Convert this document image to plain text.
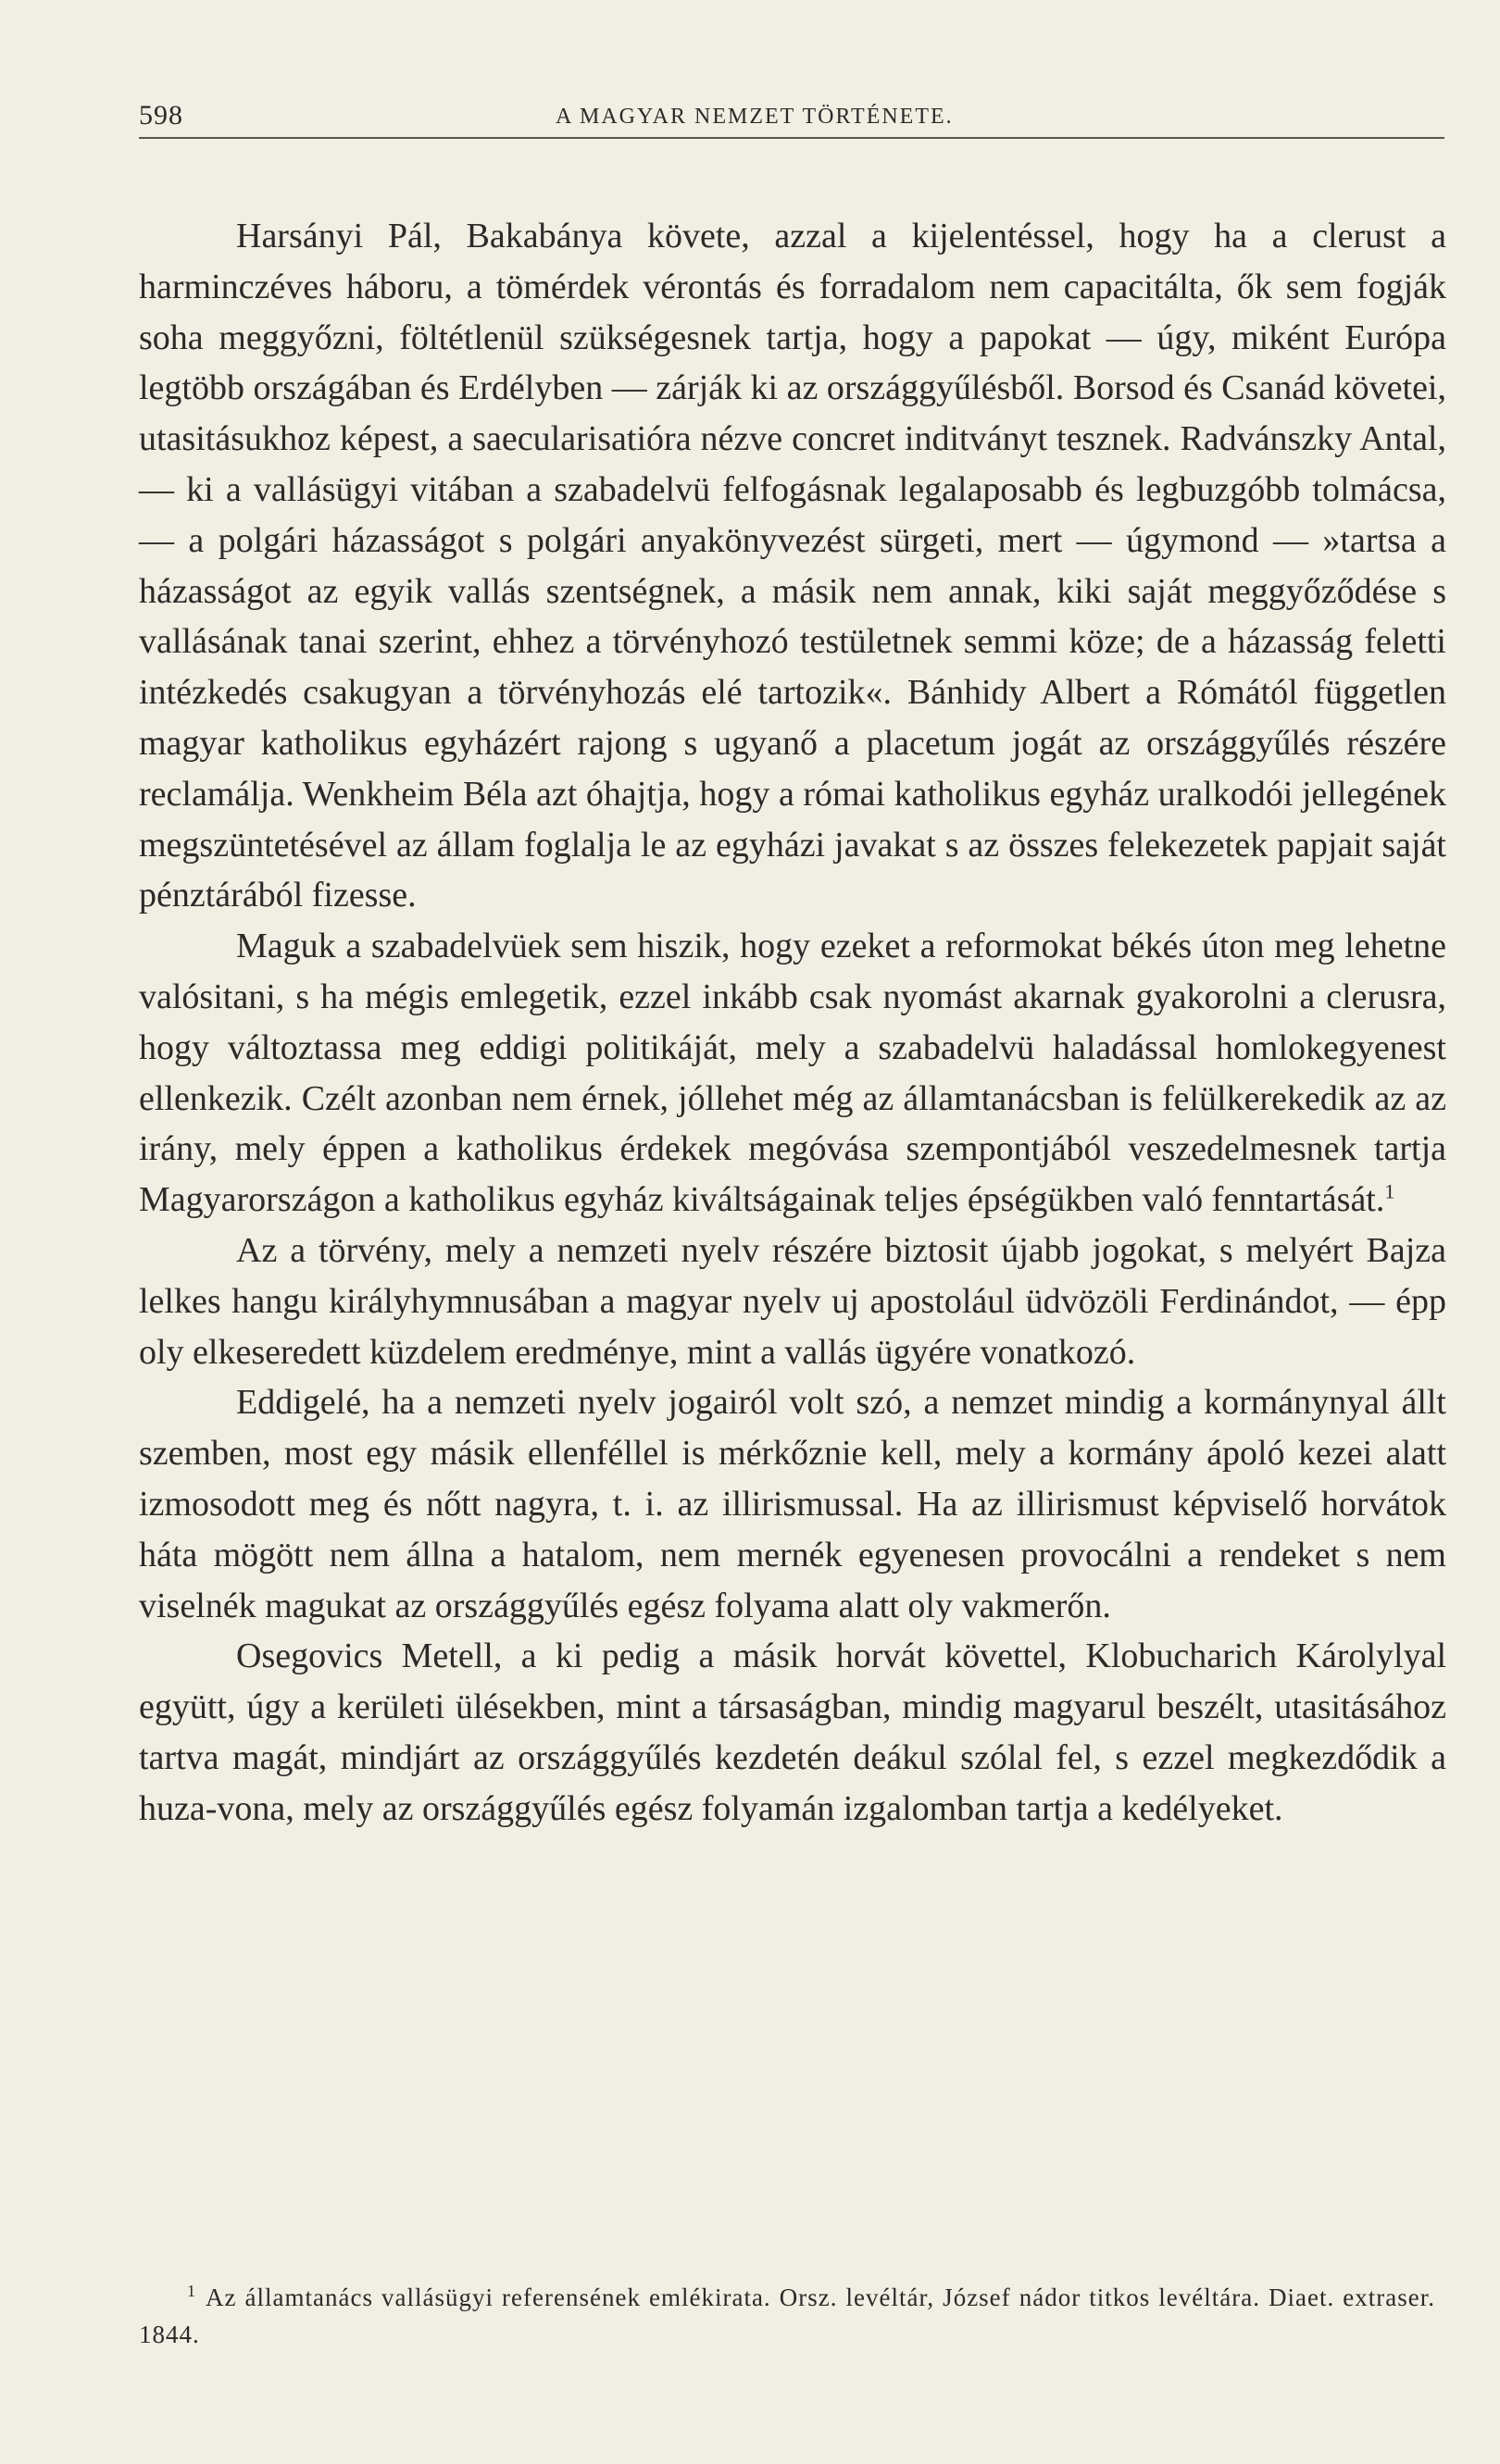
598	A MAGYAR NEMZET TÖRTÉNETE.

Harsányi Pál, Bakabánya követe, azzal a kijelentéssel, hogy ha a clerust a harminczéves háboru, a tömérdek vérontás és forradalom nem capacitálta, ők sem fogják soha meggyőzni, föltétlenül szükségesnek tartja, hogy a papokat — úgy, miként Európa legtöbb országában és Erdélyben — zárják ki az országgyűlésből. Borsod és Csanád követei, utasitásukhoz képest, a saecularisatióra nézve concret inditványt tesznek. Radvánszky Antal, — ki a vallásügyi vitában a szabadelvü felfogásnak legalaposabb és legbuzgóbb tolmácsa, — a polgári házasságot s polgári anyakönyvezést sürgeti, mert — úgymond — »tartsa a házasságot az egyik vallás szentségnek, a másik nem annak, kiki saját meggyőződése s vallásának tanai szerint, ehhez a törvényhozó testületnek semmi köze; de a házasság feletti intézkedés csakugyan a törvényhozás elé tartozik«. Bánhidy Albert a Rómától független magyar katholikus egyházért rajong s ugyanő a placetum jogát az országgyűlés részére reclamálja. Wenkheim Béla azt óhajtja, hogy a római katholikus egyház uralkodói jellegének megszüntetésével az állam foglalja le az egyházi javakat s az összes felekezetek papjait saját pénztárából fizesse.

Maguk a szabadelvüek sem hiszik, hogy ezeket a reformokat békés úton meg lehetne valósitani, s ha mégis emlegetik, ezzel inkább csak nyomást akarnak gyakorolni a clerusra, hogy változtassa meg eddigi politikáját, mely a szabadelvü haladással homlokegyenest ellenkezik. Czélt azonban nem érnek, jóllehet még az államtanácsban is felülkerekedik az az irány, mely éppen a katholikus érdekek megóvása szempontjából veszedelmesnek tartja Magyarországon a katholikus egyház kiváltságainak teljes épségükben való fenntartását.$^1$

Az a törvény, mely a nemzeti nyelv részére biztosit újabb jogokat, s melyért Bajza lelkes hangu királyhymnusában a magyar nyelv uj apostolául üdvözöli Ferdinándot, — épp oly elkeseredett küzdelem eredménye, mint a vallás ügyére vonatkozó.

Eddigelé, ha a nemzeti nyelv jogairól volt szó, a nemzet mindig a kormánynyal állt szemben, most egy másik ellenféllel is mérkőznie kell, mely a kormány ápoló kezei alatt izmosodott meg és nőtt nagyra, t. i. az illirismussal. Ha az illirismust képviselő horvátok háta mögött nem állna a hatalom, nem mernék egyenesen provocálni a rendeket s nem viselnék magukat az országgyűlés egész folyama alatt oly vakmerőn.

Osegovics Metell, a ki pedig a másik horvát követtel, Klobucharich Károlylyal együtt, úgy a kerületi ülésekben, mint a társaságban, mindig magyarul beszélt, utasitásához tartva magát, mindjárt az országgyűlés kezdetén deákul szólal fel, s ezzel megkezdődik a huza-vona, mely az országgyűlés egész folyamán izgalomban tartja a kedélyeket.

$^1$ Az államtanács vallásügyi referensének emlékirata. Orsz. levéltár, József nádor titkos levéltára. Diaet. extraser. 1844.
